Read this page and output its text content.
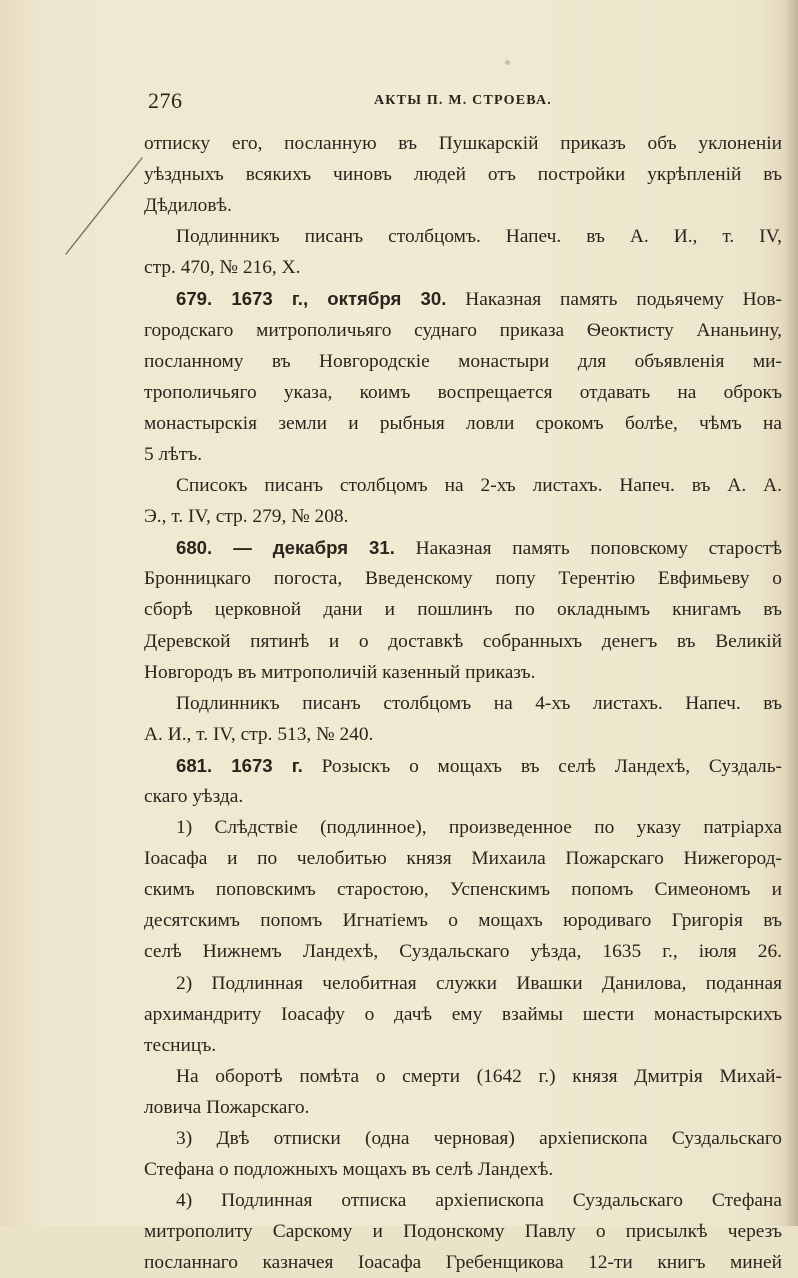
276	АКТЫ П. М. СТРОЕВА.
отписку его, посланную въ Пушкарскій приказъ объ уклоненіи
уѣздныхъ всякихъ чиновъ людей отъ постройки укрѣпленій въ
Дѣдиловѣ.
Подлинникъ писанъ столбцомъ. Напеч. въ А. И., т. IV,
стр. 470, № 216, X.
679. 1673 г., октября 30. Наказная память подьячему Нов-
городскаго митрополичьяго суднаго приказа Ѳеоктисту Ананьину,
посланному въ Новгородскіе монастыри для объявленія ми-
трополичьяго указа, коимъ воспрещается отдавать на оброкъ
монастырскія земли и рыбныя ловли срокомъ болѣе, чѣмъ на
5 лѣтъ.
Списокъ писанъ столбцомъ на 2-хъ листахъ. Напеч. въ А. А.
Э., т. IV, стр. 279, № 208.
680. — декабря 31. Наказная память поповскому старостѣ
Бронницкаго погоста, Введенскому попу Терентію Евфимьеву о
сборѣ церковной дани и пошлинъ по окладнымъ книгамъ въ
Деревской пятинѣ и о доставкѣ собранныхъ денегъ въ Великій
Новгородъ въ митрополичій казенный приказъ.
Подлинникъ писанъ столбцомъ на 4-хъ листахъ. Напеч. въ
А. И., т. IV, стр. 513, № 240.
681. 1673 г. Розыскъ о мощахъ въ селѣ Ландехѣ, Суздаль-
скаго уѣзда.
1) Слѣдствіе (подлинное), произведенное по указу патріарха
Іоасафа и по челобитью князя Михаила Пожарскаго Нижегород-
скимъ поповскимъ старостою, Успенскимъ попомъ Симеономъ и
десятскимъ попомъ Игнатіемъ о мощахъ юродиваго Григорія въ
селѣ Нижнемъ Ландехѣ, Суздальскаго уѣзда, 1635 г., іюля 26.
2) Подлинная челобитная служки Ивашки Данилова, поданная
архимандриту Іоасафу о дачѣ ему взаймы шести монастырскихъ
тесницъ.
На оборотѣ помѣта о смерти (1642 г.) князя Дмитрія Михай-
ловича Пожарскаго.
3) Двѣ отписки (одна черновая) архіепископа Суздальскаго
Стефана о подложныхъ мощахъ въ селѣ Ландехѣ.
4) Подлинная отписка архіепископа Суздальскаго Стефана
митрополиту Сарскому и Подонскому Павлу о присылкѣ черезъ
посланнаго казначея Іоасафа Гребенщикова 12-ти книгъ миней
